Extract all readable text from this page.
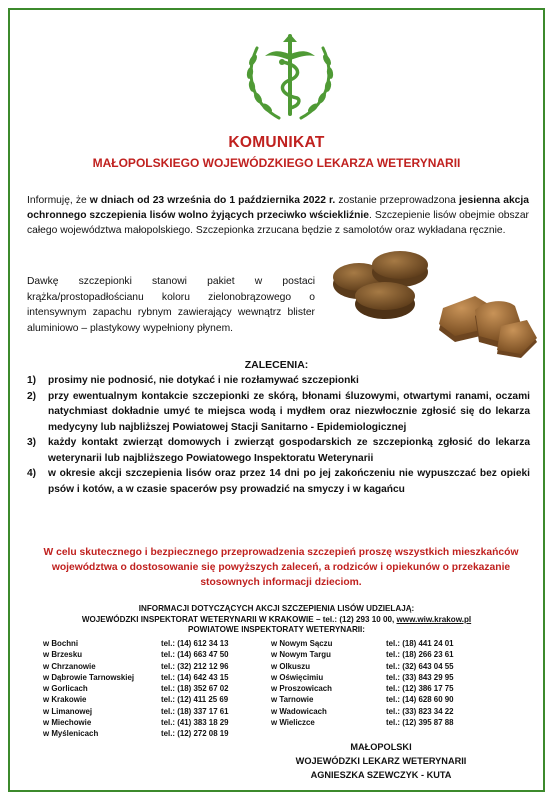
KOMUNIKAT
MAŁOPOLSKIEGO WOJEWÓDZKIEGO LEKARZA WETERYNARII

Informuję, że w dniach od 23 września do 1 października 2022 r. zostanie przeprowadzona jesienna akcja ochronnego szczepienia lisów wolno żyjących przeciwko wściekliźnie. Szczepienie lisów obejmie obszar całego województwa małopolskiego. Szczepionka zrzucana będzie z samolotów oraz wykładana ręcznie.

Dawkę szczepionki stanowi pakiet w postaci krążka/prostopadłościanu koloru zielonobrązowego o intensywnym zapachu rybnym zawierający wewnątrz blister aluminiowo – plastykowy wypełniony płynem.

ZALECENIA:
1) prosimy nie podnosić, nie dotykać i nie rozłamywać szczepionki
2) przy ewentualnym kontakcie szczepionki ze skórą, błonami śluzowymi, otwartymi ranami, oczami natychmiast dokładnie umyć te miejsca wodą i mydłem oraz niezwłocznie zgłosić się do lekarza medycyny lub najbliższej Powiatowej Stacji Sanitarno - Epidemiologicznej
3) każdy kontakt zwierząt domowych i zwierząt gospodarskich ze szczepionką zgłosić do lekarza weterynarii lub najbliższego Powiatowego Inspektoratu Weterynarii
4) w okresie akcji szczepienia lisów oraz przez 14 dni po jej zakończeniu nie wypuszczać bez opieki psów i kotów, a w czasie spacerów psy prowadzić na smyczy i w kagańcu

W celu skutecznego i bezpiecznego przeprowadzenia szczepień proszę wszystkich mieszkańców województwa o dostosowanie się powyższych zaleceń, a rodziców i opiekunów o przekazanie stosownych informacji dzieciom.

INFORMACJI DOTYCZĄCYCH AKCJI SZCZEPIENIA LISÓW UDZIELAJĄ:
WOJEWÓDZKI INSPEKTORAT WETERYNARII W KRAKOWIE – tel.: (12) 293 10 00, www.wiw.krakow.pl
POWIATOWE INSPEKTORATY WETERYNARII:
w Bochni	tel.: (14) 612 34 13	w Nowym Sączu	tel.: (18) 441 24 01
w Brzesku	tel.: (14) 663 47 50	w Nowym Targu	tel.: (18) 266 23 61
w Chrzanowie	tel.: (32) 212 12 96	w Olkuszu	tel.: (32) 643 04 55
w Dąbrowie Tarnowskiej	tel.: (14) 642 43 15	w Oświęcimiu	tel.: (33) 843 29 95
w Gorlicach	tel.: (18) 352 67 02	w Proszowicach	tel.: (12) 386 17 75
w Krakowie	tel.: (12) 411 25 69	w Tarnowie	tel.: (14) 628 60 90
w Limanowej	tel.: (18) 337 17 61	w Wadowicach	tel.: (33) 823 34 22
w Miechowie	tel.: (41) 383 18 29	w Wieliczce	tel.: (12) 395 87 88
w Myślenicach	tel.: (12) 272 08 19
MAŁOPOLSKI
WOJEWÓDZKI LEKARZ WETERYNARII
AGNIESZKA SZEWCZYK - KUTA
